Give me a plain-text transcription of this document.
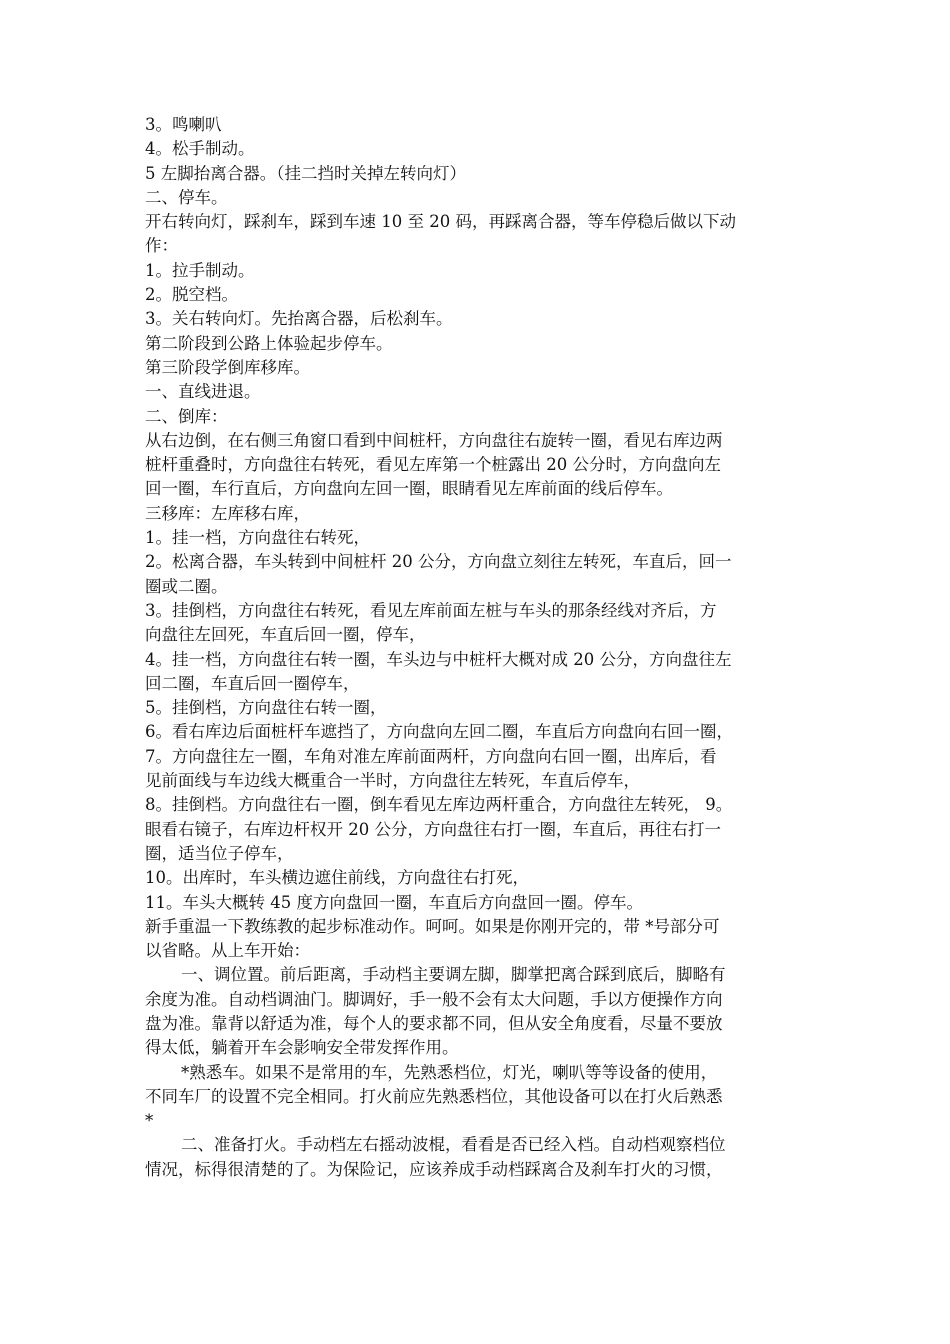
3。鸣喇叭
4。松手制动。
5 左脚抬离合器。（挂二挡时关掉左转向灯）
二、停车。
开右转向灯，踩刹车，踩到车速 10 至 20 码，再踩离合器，等车停稳后做以下动
作：
1。拉手制动。
2。脱空档。
3。关右转向灯。先抬离合器，后松刹车。
第二阶段到公路上体验起步停车。
第三阶段学倒库移库。
一、直线进退。
二、倒库：
从右边倒，在右侧三角窗口看到中间桩杆，方向盘往右旋转一圈，看见右库边两
桩杆重叠时，方向盘往右转死，看见左库第一个桩露出 20 公分时，方向盘向左
回一圈，车行直后，方向盘向左回一圈，眼睛看见左库前面的线后停车。
三移库：左库移右库，
1。挂一档，方向盘往右转死，
2。松离合器，车头转到中间桩杆 20 公分，方向盘立刻往左转死，车直后，回一
圈或二圈。
3。挂倒档，方向盘往右转死，看见左库前面左桩与车头的那条经线对齐后，方
向盘往左回死，车直后回一圈，停车，
4。挂一档，方向盘往右转一圈，车头边与中桩杆大概对成 20 公分，方向盘往左
回二圈，车直后回一圈停车，
5。挂倒档，方向盘往右转一圈，
6。看右库边后面桩杆车遮挡了，方向盘向左回二圈，车直后方向盘向右回一圈，
7。方向盘往左一圈，车角对准左库前面两杆，方向盘向右回一圈，出库后，看
见前面线与车边线大概重合一半时，方向盘往左转死，车直后停车，
8。挂倒档。方向盘往右一圈，倒车看见左库边两杆重合，方向盘往左转死， 9。
眼看右镜子，右库边杆权开 20 公分，方向盘往右打一圈，车直后，再往右打一
圈，适当位子停车，
10。出库时，车头横边遮住前线，方向盘往右打死，
11。车头大概转 45 度方向盘回一圈，车直后方向盘回一圈。停车。
新手重温一下教练教的起步标准动作。呵呵。如果是你刚开完的，带 *号部分可
以省略。从上车开始：
一、调位置。前后距离，手动档主要调左脚，脚掌把离合踩到底后，脚略有
余度为准。自动档调油门。脚调好，手一般不会有太大问题，手以方便操作方向
盘为准。靠背以舒适为准，每个人的要求都不同，但从安全角度看，尽量不要放
得太低，躺着开车会影响安全带发挥作用。
*熟悉车。如果不是常用的车，先熟悉档位，灯光，喇叭等等设备的使用，
不同车厂的设置不完全相同。打火前应先熟悉档位，其他设备可以在打火后熟悉
*
二、准备打火。手动档左右摇动波棍，看看是否已经入档。自动档观察档位
情况，标得很清楚的了。为保险记，应该养成手动档踩离合及刹车打火的习惯，
